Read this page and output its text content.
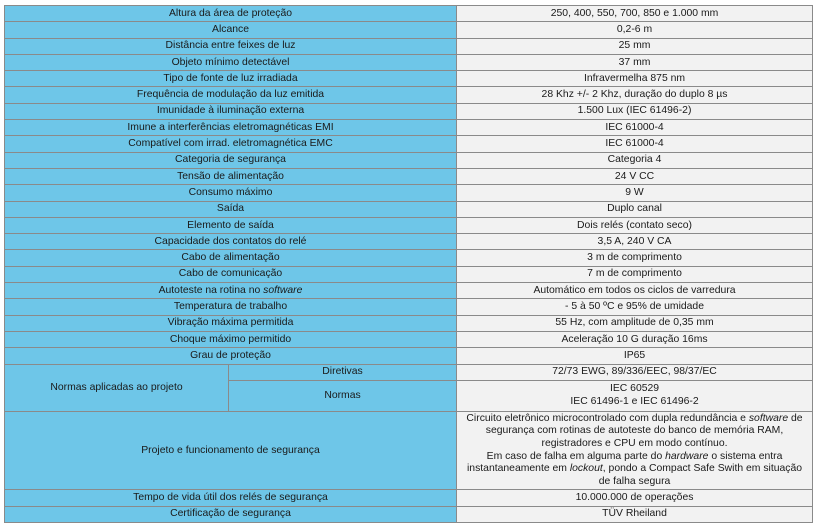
Altura da área de proteção		250, 400, 550, 700, 850 e 1.000 mm
Alcance		0,2-6 m
Distância entre feixes de luz		25 mm
Objeto mínimo detectável		37 mm
Tipo de fonte de luz irradiada		Infravermelha 875 nm
Frequência de modulação da luz emitida		28 Khz +/- 2 Khz, duração do duplo 8 µs
Imunidade à iluminação externa		1.500 Lux (IEC 61496-2)
Imune a interferências eletromagnéticas EMI		IEC 61000-4
Compatível com irrad. eletromagnética EMC		IEC 61000-4
Categoria de segurança		Categoria 4
Tensão de alimentação		24 V CC
Consumo máximo		9 W
Saída		Duplo canal
Elemento de saída		Dois relés (contato seco)
Capacidade dos contatos do relé		3,5 A, 240 V CA
Cabo de alimentação		3 m de comprimento
Cabo de comunicação		7 m de comprimento
Autoteste na rotina no software		Automático em todos os ciclos de varredura
Temperatura de trabalho		- 5 à 50 ºC e 95% de umidade
Vibração máxima permitida		55 Hz, com amplitude de 0,35 mm
Choque máximo permitido		Aceleração 10 G duração 16ms
Grau de proteção		IP65
Normas aplicadas ao projeto	Diretivas	72/73 EWG, 89/336/EEC, 98/37/EC
	Normas	IEC 60529
IEC 61496-1 e IEC 61496-2
Projeto e funcionamento de segurança		Circuito eletrônico microcontrolado com dupla redundância e software de segurança com rotinas de autoteste do banco de memória RAM, registradores e CPU em modo contínuo.
Em caso de falha em alguma parte do hardware o sistema entra instantaneamente em lockout, pondo a Compact Safe Swith em situação de falha segura
Tempo de vida útil dos relés de segurança		10.000.000 de operações
Certificação de segurança		TÜV Rheiland
